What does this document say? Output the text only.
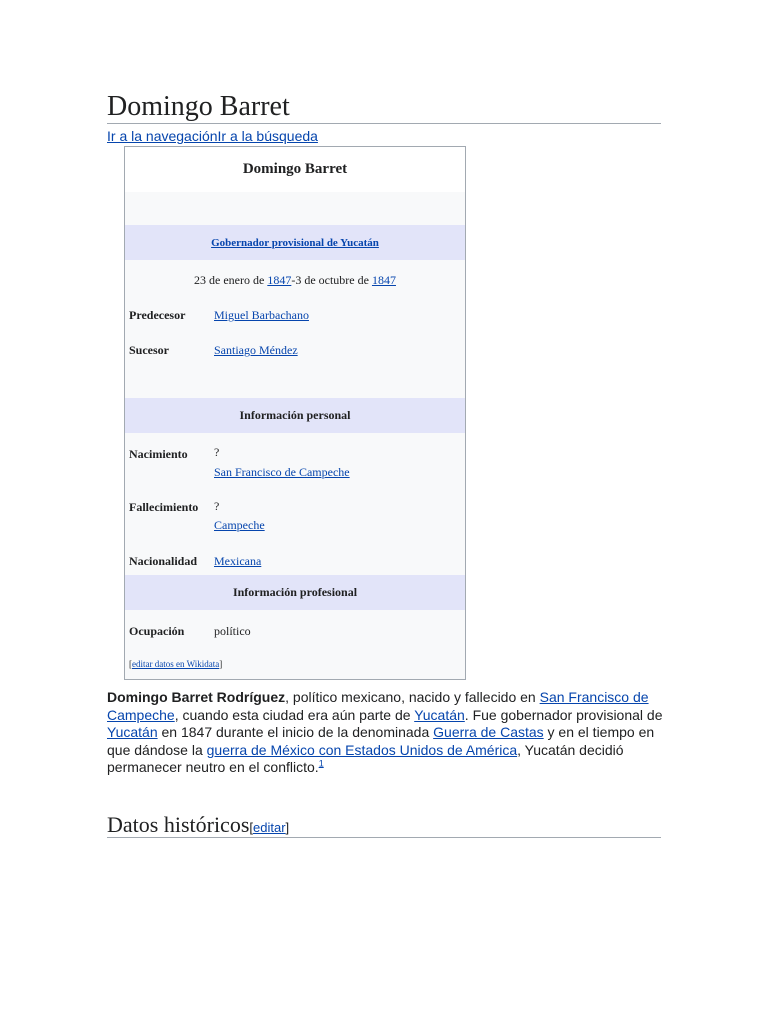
Domingo Barret
Ir a la navegaciónIr a la búsqueda
Domingo Barret
Gobernador provisional de Yucatán
23 de enero de 1847-3 de octubre de 1847
Predecesor Miguel Barbachano
Sucesor	Santiago Méndez
Información personal
Nacimiento ?
San Francisco de Campeche
Fallecimiento ?
Campeche
Nacionalidad Mexicana
Información profesional
Ocupación político
[editar datos en Wikidata]

Domingo Barret Rodríguez, político mexicano, nacido y fallecido en San Francisco de Campeche, cuando esta ciudad era aún parte de Yucatán. Fue gobernador provisional de Yucatán en 1847 durante el inicio de la denominada Guerra de Castas y en el tiempo en que dándose la guerra de México con Estados Unidos de América, Yucatán decidió permanecer neutro en el conflicto.$^1$

Datos históricos[editar]
